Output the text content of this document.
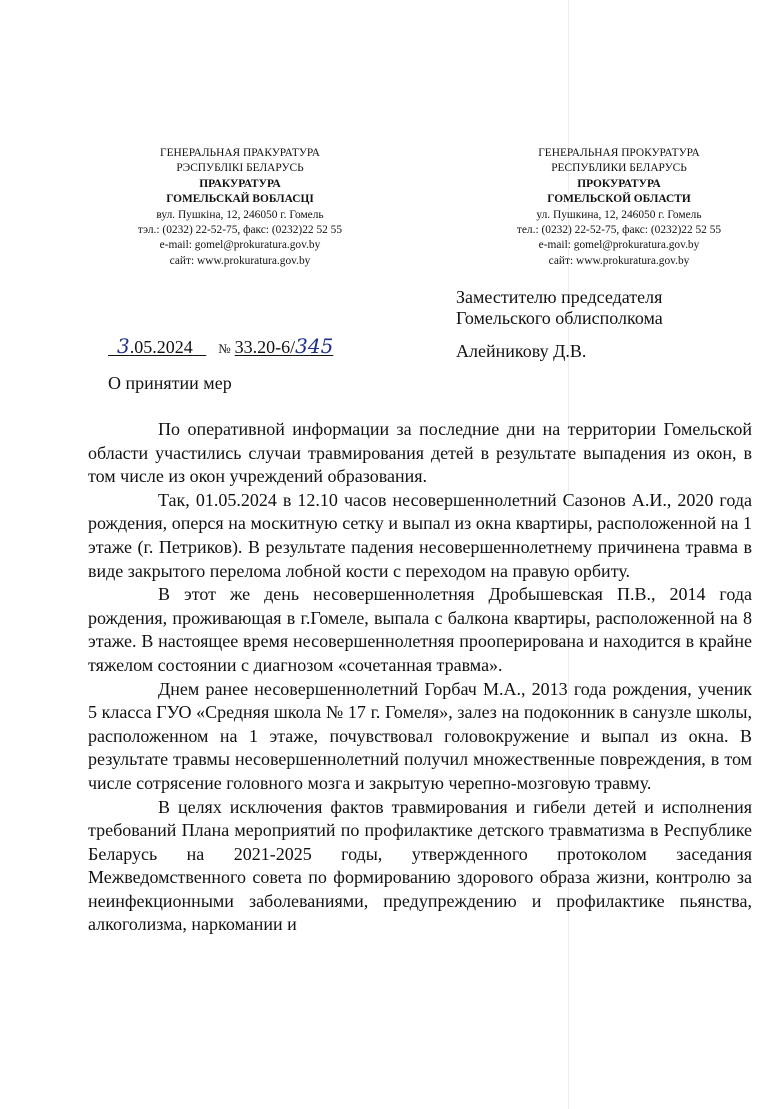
ГЕНЕРАЛЬНАЯ ПРАКУРАТУРА
РЭСПУБЛІКІ БЕЛАРУСЬ
ПРАКУРАТУРА
ГОМЕЛЬСКАЙ ВОБЛАСЦІ
вул. Пушкіна, 12, 246050 г. Гомель
тэл.: (0232) 22-52-75, факс: (0232)22 52 55
e-mail: gomel@prokuratura.gov.by
сайт: www.prokuratura.gov.by
ГЕНЕРАЛЬНАЯ ПРОКУРАТУРА
РЕСПУБЛИКИ БЕЛАРУСЬ
ПРОКУРАТУРА
ГОМЕЛЬСКОЙ ОБЛАСТИ
ул. Пушкина, 12, 246050 г. Гомель
тел.: (0232) 22-52-75, факс: (0232)22 52 55
e-mail: gomel@prokuratura.gov.by
сайт: www.prokuratura.gov.by
Заместителю председателя
Гомельского облисполкома
Алейникову Д.В.
3.05.2024	№ 33.20-6/345
О принятии мер

По оперативной информации за последние дни на территории Гомельской области участились случаи травмирования детей в результате выпадения из окон, в том числе из окон учреждений образования.

Так, 01.05.2024 в 12.10 часов несовершеннолетний Сазонов А.И., 2020 года рождения, оперся на москитную сетку и выпал из окна квартиры, расположенной на 1 этаже (г. Петриков). В результате падения несовершеннолетнему причинена травма в виде закрытого перелома лобной кости с переходом на правую орбиту.

В этот же день несовершеннолетняя Дробышевская П.В., 2014 года рождения, проживающая в г.Гомеле, выпала с балкона квартиры, расположенной на 8 этаже. В настоящее время несовершеннолетняя прооперирована и находится в крайне тяжелом состоянии с диагнозом «сочетанная травма».

Днем ранее несовершеннолетний Горбач М.А., 2013 года рождения, ученик 5 класса ГУО «Средняя школа № 17 г. Гомеля», залез на подоконник в санузле школы, расположенном на 1 этаже, почувствовал головокружение и выпал из окна. В результате травмы несовершеннолетний получил множественные повреждения, в том числе сотрясение головного мозга и закрытую черепно-мозговую травму.

В целях исключения фактов травмирования и гибели детей и исполнения требований Плана мероприятий по профилактике детского травматизма в Республике Беларусь на 2021-2025 годы, утвержденного протоколом заседания Межведомственного совета по формированию здорового образа жизни, контролю за неинфекционными заболеваниями, предупреждению и профилактике пьянства, алкоголизма, наркомании и
